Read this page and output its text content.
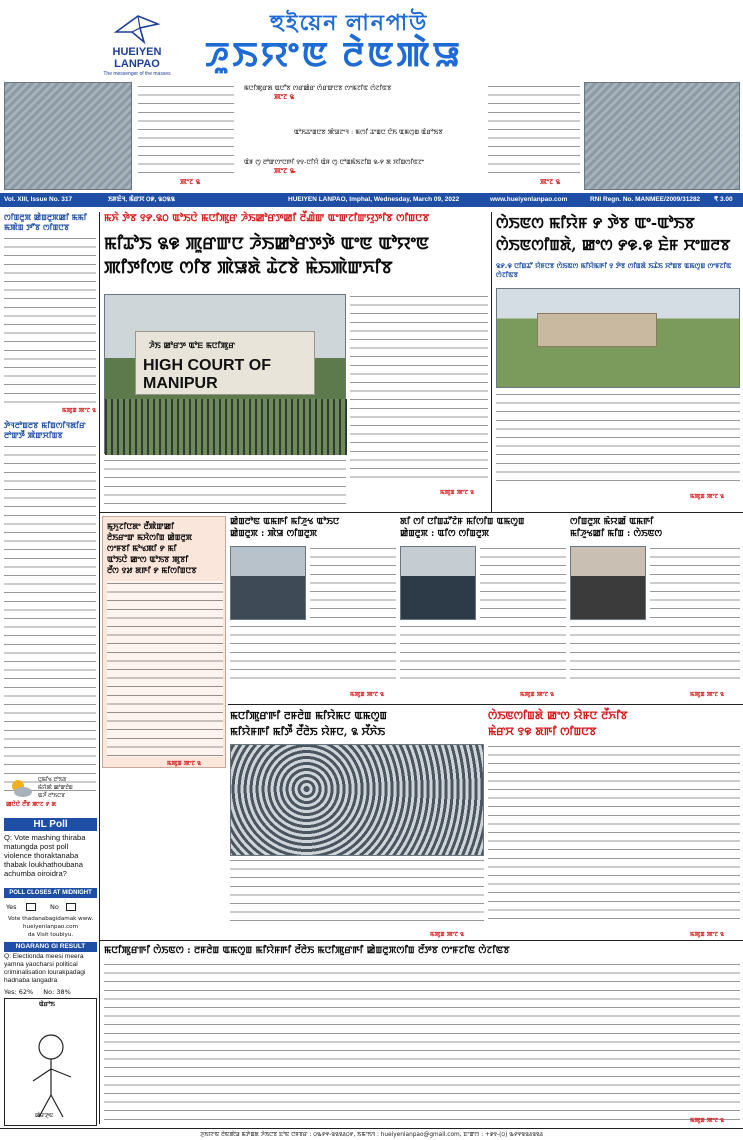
HUEIYEN
LANPAO
The messenger of the masses
হুইয়েন লানপাউ
ꯍꯨꯏꯌꯦꯟ ꯂꯥꯟꯄꯥꯎ
ꯄꯦꯖ ꯲
ꯃꯅꯤꯄꯨꯔꯗ ꯑꯅꯧꯕ ꯁꯔꯀꯥꯔ ꯁꯥꯔꯛꯅꯕ ꯁꯦꯃꯖꯤꯟ ꯁꯥꯖꯤꯟꯕ
ꯄꯦꯖ ꯲
ꯑꯣꯏꯊꯦꯡꯅꯕ ꯄꯥꯎꯖꯦꯜ : ꯃꯁꯤ ꯊꯦꯡꯅ ꯅꯥꯏ ꯑꯃꯁꯨꯡ ꯑꯥꯔꯣꯏꯕ
ꯑꯥꯝ ꯁꯨ ꯂꯣꯛꯁꯦꯅꯒꯤ ꯱꯱-ꯅꯤꯌꯥ ꯑꯥꯝ ꯁꯨ ꯅꯣꯡꯃꯥꯏꯖꯤꯡ ꯲-꯵ ꯗ ꯆꯤꯡꯁꯤꯟꯖꯦ
ꯄꯦꯖ ꯳
ꯄꯦꯖ ꯲
Vol. XIII, Issue No. 317	ꯏꯝꯐꯥꯜ, ꯃꯥꯔꯆ ꯰꯹, ꯲꯰꯲꯲	HUEIYEN LANPAO, Imphal, Wednesday, March 09, 2022	www.hueiyenlanpao.com	RNI Regn. No. MANMEE/2009/31282 ₹ 3.00
ꯁꯤꯡꯂꯨꯞ ꯀꯥꯡꯂꯨꯞꯀꯤ ꯃꯃꯤ
ꯃꯄꯥꯡ ꯇꯧꯕ ꯁꯤꯡꯅꯕ
ꯃꯄꯨꯡ ꯄꯦꯖ ꯲
ꯇꯥꯜꯂꯣꯡꯂꯕ ꯃꯤꯡꯁꯤꯜꯗꯤꯔ
ꯂꯣꯛꯇꯩ ꯄꯥꯛꯆꯤꯡꯕ
ꯀꯅꯥꯅꯥ ꯂꯩꯕ ꯄꯦꯖ ꯸ ꯗ
ꯅꯨꯃꯤꯠ ꯂꯣꯏꯕ
ꯃꯥꯌꯥꯄꯥ ꯀꯣꯛꯂꯥꯡ
ꯑꯍꯩ ꯂꯣꯏꯅꯕ
HL Poll
Q: Vote mashing thiraba matungda post poll violence thoraktanaba thabak loukhathoubana achumba oiroidra?
POLL CLOSES AT MIDNIGHT
Yes	No
Vote thadanabagidamak www.
hueiyenlanpao.com
da Visit toubiyu.
NGARANG GI RESULT
Q: Electionda meesi meera yamna yaocharsi political criminalisation lourakpadagi hadnaba langadra
Yes: 62% No: 38%
ꯑꯥꯔꯣꯏ
ꯀꯥꯔꯇꯨꯟ
ꯃꯈꯥ ꯇꯥꯕ ꯱꯸.꯲꯰ ꯑꯣꯏꯅꯥ ꯃꯅꯤꯄꯨꯔ ꯍꯥꯏꯀꯣꯔꯇꯀꯤ ꯂꯩꯉꯥꯛ ꯑꯦꯛꯖꯤꯛꯌꯨꯇꯤꯕ ꯁꯤꯡꯅꯕ
ꯃꯤꯊꯣꯏ ꯲꯶ ꯄꯨꯔꯛꯅ ꯍꯥꯏꯀꯣꯔꯇꯇꯥ ꯑꯦꯟ ꯑꯣꯌꯦꯟ
ꯄꯤꯇꯤꯁꯟ ꯁꯤꯕ ꯄꯥꯎꯗꯥ ꯊꯥꯖꯕꯥ ꯃꯥꯢꯄꯥꯛꯈꯤꯕ
ꯍꯥꯏ ꯀꯣꯔꯇ ꯑꯣꯐ ꯃꯅꯤꯄꯨꯔ
HIGH COURT OF MANIPUR
ꯃꯄꯨꯡ ꯄꯦꯖ ꯲
ꯁꯥꯏꯟꯁ ꯃꯤꯌꯥꯝ ꯸ ꯇꯥꯕ ꯑꯦ-ꯑꯣꯏꯕ
ꯁꯥꯏꯟꯁꯤꯡꯗꯥ, ꯀꯦꯁ ꯸꯶.꯶ ꯐꯥꯝ ꯆꯦꯡꯂꯕ
꯲꯸.꯶ ꯅꯤꯡꯊꯧ ꯌꯥꯝꯅꯕ ꯁꯥꯏꯟꯁ ꯃꯤꯌꯥꯃꯒꯤ ꯱ ꯇꯥꯕ ꯁꯤꯡꯗꯥ ꯏꯊꯥꯏ ꯆꯣꯡꯕ ꯑꯃꯁꯨꯡ ꯁꯦꯝꯖꯤꯟ ꯁꯥꯖꯤꯟꯕ
ꯃꯄꯨꯡ ꯄꯦꯖ ꯲
ꯃꯨꯈꯨꯖꯤꯅꯗꯦ ꯂꯩꯄꯥꯛꯀꯤ
ꯂꯥꯏꯔꯦꯛ ꯃꯆꯥꯁꯤꯡ ꯀꯥꯡꯂꯨꯞ
ꯁꯦꯝꯕꯤ ꯃꯣꯠꯄꯤ ꯸ ꯃꯤ
ꯑꯣꯏꯅꯥ ꯀꯦꯁ ꯑꯣꯏꯕ ꯄꯨꯕꯤ
ꯂꯩꯁ ꯱꯷ ꯗꯒꯤ ꯸ ꯃꯤꯁꯤꯡꯅꯕ
ꯃꯄꯨꯡ ꯄꯦꯖ ꯲
ꯀꯥꯡꯂꯣꯟ ꯑꯃꯒꯤ ꯃꯤꯍꯨꯠ ꯑꯣꯏꯅ
ꯀꯥꯡꯂꯨꯞ : ꯄꯥꯎ ꯁꯤꯡꯂꯨꯞ
ꯃꯄꯨꯡ ꯄꯦꯖ ꯲
ꯗꯤ ꯁꯤ ꯅꯤꯡꯊꯧꯖꯥꯝ ꯃꯤꯁꯤꯡ ꯑꯃꯁꯨꯡ
ꯀꯥꯡꯂꯨꯞ : ꯑꯤꯁ ꯁꯤꯡꯂꯨꯞ
ꯃꯄꯨꯡ ꯄꯦꯖ ꯲
ꯁꯤꯡꯂꯨꯞ ꯃꯥꯌꯀꯩ ꯑꯃꯒꯤ
ꯃꯤꯍꯨꯠꯀꯤ ꯃꯤꯡ : ꯁꯥꯏꯟꯁ
ꯃꯄꯨꯡ ꯄꯦꯖ ꯲
ꯃꯅꯤꯄꯨꯔꯒꯤ ꯂꯝꯂꯥꯡ ꯃꯤꯌꯥꯃꯅ ꯑꯃꯁꯨꯡ
ꯃꯤꯌꯥꯝꯒꯤ ꯃꯤꯇꯩ ꯂꯩꯂꯥꯏ ꯌꯥꯝꯅ, ꯲ ꯆꯩꯈꯥꯏ
ꯃꯄꯨꯡ ꯄꯦꯖ ꯲
ꯁꯥꯏꯟꯁꯤꯡꯗꯥ ꯀꯦꯁ ꯌꯥꯝꯅ ꯂꯩꯈꯤꯕ
ꯃꯥꯔꯆ ꯱꯶ ꯗꯒꯤ ꯁꯤꯡꯅꯕ
ꯃꯄꯨꯡ ꯄꯦꯖ ꯲
ꯃꯅꯤꯄꯨꯔꯒꯤ ꯁꯥꯏꯟꯁ : ꯂꯝꯂꯥꯡ ꯑꯃꯁꯨꯡ ꯃꯤꯌꯥꯝꯒꯤ ꯂꯩꯂꯥꯏ ꯃꯅꯤꯄꯨꯔꯒꯤ ꯀꯥꯡꯂꯨꯞꯁꯤꯡ ꯂꯩꯇꯕ ꯁꯦꯝꯖꯤꯟ ꯁꯥꯖꯤꯟꯕ
ꯃꯄꯨꯡ ꯄꯦꯖ ꯲
ꯍꯨꯏꯌꯦꯟ ꯂꯥꯟꯄꯥꯎ ꯃꯇꯥꯡꯗ ꯍꯥꯏꯅꯕ ꯐꯣꯟ ꯅꯝꯕꯔ : ꯰꯳꯸꯵-꯲꯲꯲꯴꯰꯸, ꯏꯃꯦꯏꯜ : hueiyenlanpao@gmail.com, ꯐꯦꯛꯁ : +꯹꯱-(꯰) ꯳꯸꯵꯲꯲꯴꯲꯲꯴
